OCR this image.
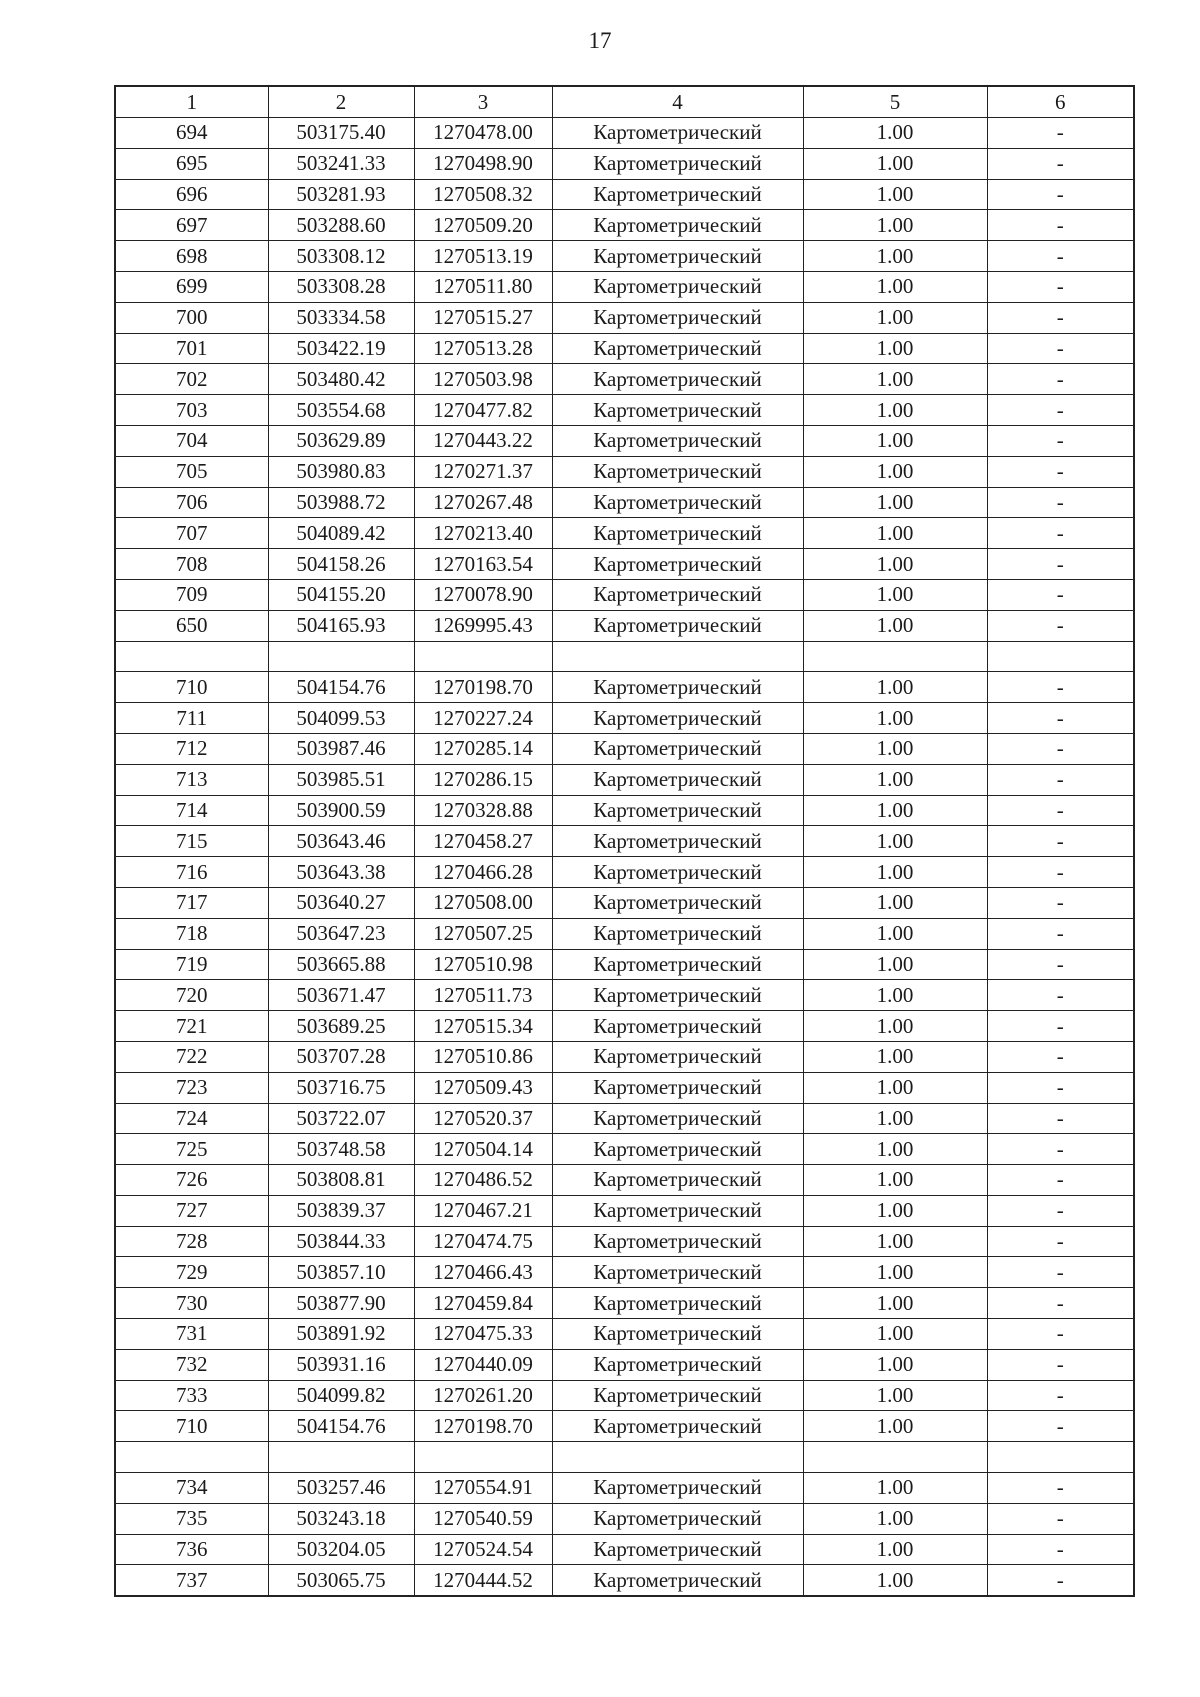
17
1	2	3	4	5	6
694	503175.40	1270478.00	Картометрический	1.00	-
695	503241.33	1270498.90	Картометрический	1.00	-
696	503281.93	1270508.32	Картометрический	1.00	-
697	503288.60	1270509.20	Картометрический	1.00	-
698	503308.12	1270513.19	Картометрический	1.00	-
699	503308.28	1270511.80	Картометрический	1.00	-
700	503334.58	1270515.27	Картометрический	1.00	-
701	503422.19	1270513.28	Картометрический	1.00	-
702	503480.42	1270503.98	Картометрический	1.00	-
703	503554.68	1270477.82	Картометрический	1.00	-
704	503629.89	1270443.22	Картометрический	1.00	-
705	503980.83	1270271.37	Картометрический	1.00	-
706	503988.72	1270267.48	Картометрический	1.00	-
707	504089.42	1270213.40	Картометрический	1.00	-
708	504158.26	1270163.54	Картометрический	1.00	-
709	504155.20	1270078.90	Картометрический	1.00	-
650	504165.93	1269995.43	Картометрический	1.00	-

710	504154.76	1270198.70	Картометрический	1.00	-
711	504099.53	1270227.24	Картометрический	1.00	-
712	503987.46	1270285.14	Картометрический	1.00	-
713	503985.51	1270286.15	Картометрический	1.00	-
714	503900.59	1270328.88	Картометрический	1.00	-
715	503643.46	1270458.27	Картометрический	1.00	-
716	503643.38	1270466.28	Картометрический	1.00	-
717	503640.27	1270508.00	Картометрический	1.00	-
718	503647.23	1270507.25	Картометрический	1.00	-
719	503665.88	1270510.98	Картометрический	1.00	-
720	503671.47	1270511.73	Картометрический	1.00	-
721	503689.25	1270515.34	Картометрический	1.00	-
722	503707.28	1270510.86	Картометрический	1.00	-
723	503716.75	1270509.43	Картометрический	1.00	-
724	503722.07	1270520.37	Картометрический	1.00	-
725	503748.58	1270504.14	Картометрический	1.00	-
726	503808.81	1270486.52	Картометрический	1.00	-
727	503839.37	1270467.21	Картометрический	1.00	-
728	503844.33	1270474.75	Картометрический	1.00	-
729	503857.10	1270466.43	Картометрический	1.00	-
730	503877.90	1270459.84	Картометрический	1.00	-
731	503891.92	1270475.33	Картометрический	1.00	-
732	503931.16	1270440.09	Картометрический	1.00	-
733	504099.82	1270261.20	Картометрический	1.00	-
710	504154.76	1270198.70	Картометрический	1.00	-

734	503257.46	1270554.91	Картометрический	1.00	-
735	503243.18	1270540.59	Картометрический	1.00	-
736	503204.05	1270524.54	Картометрический	1.00	-
737	503065.75	1270444.52	Картометрический	1.00	-
